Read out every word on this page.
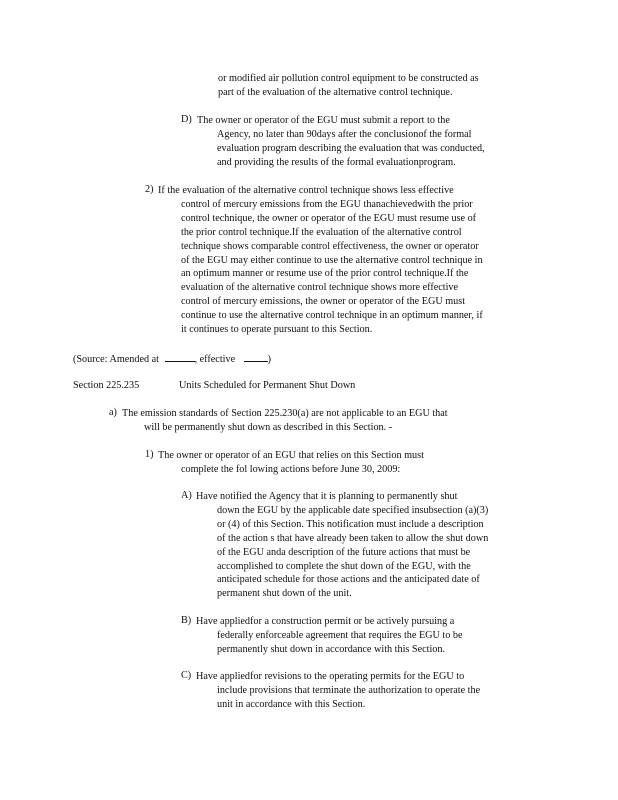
or modified air pollution control equipment to be constructed as
part of the evaluation of the alternative control technique.
D) The owner or operator of the EGU must submit a report to the
Agency, no later than 90days after the conclusionof the formal
evaluation program describing the evaluation that was conducted,
and providing the results of the formal evaluationprogram.
2) If the evaluation of the alternative control technique shows less effective
control of mercury emissions from the EGU thanachievedwith the prior
control technique, the owner or operator of the EGU must resume use of
the prior control technique.If the evaluation of the alternative control
technique shows comparable control effectiveness, the owner or operator
of the EGU may either continue to use the alternative control technique in
an optimum manner or resume use of the prior control technique.If the
evaluation of the alternative control technique shows more effective
control of mercury emissions, the owner or operator of the EGU must
continue to use the alternative control technique in an optimum manner, if
it continues to operate pursuant to this Section.
(Source: Amended at	, effective	)
Section 225.235	Units Scheduled for Permanent Shut Down
a) The emission standards of Section 225.230(a) are not applicable to an EGU that
will be permanently shut down as described in this Section. -
1) The owner or operator of an EGU that relies on this Section must
complete the fol lowing actions before June 30, 2009:
A) Have notified the Agency that it is planning to permanently shut
down the EGU by the applicable date specified insubsection (a)(3)
or (4) of this Section. This notification must include a description
of the action s that have already been taken to allow the shut down
of the EGU anda description of the future actions that must be
accomplished to complete the shut down of the EGU, with the
anticipated schedule for those actions and the anticipated date of
permanent shut down of the unit.
B) Have appliedfor a construction permit or be actively pursuing a
federally enforceable agreement that requires the EGU to be
permanently shut down in accordance with this Section.
C) Have appliedfor revisions to the operating permits for the EGU to
include provisions that terminate the authorization to operate the
unit in accordance with this Section.
